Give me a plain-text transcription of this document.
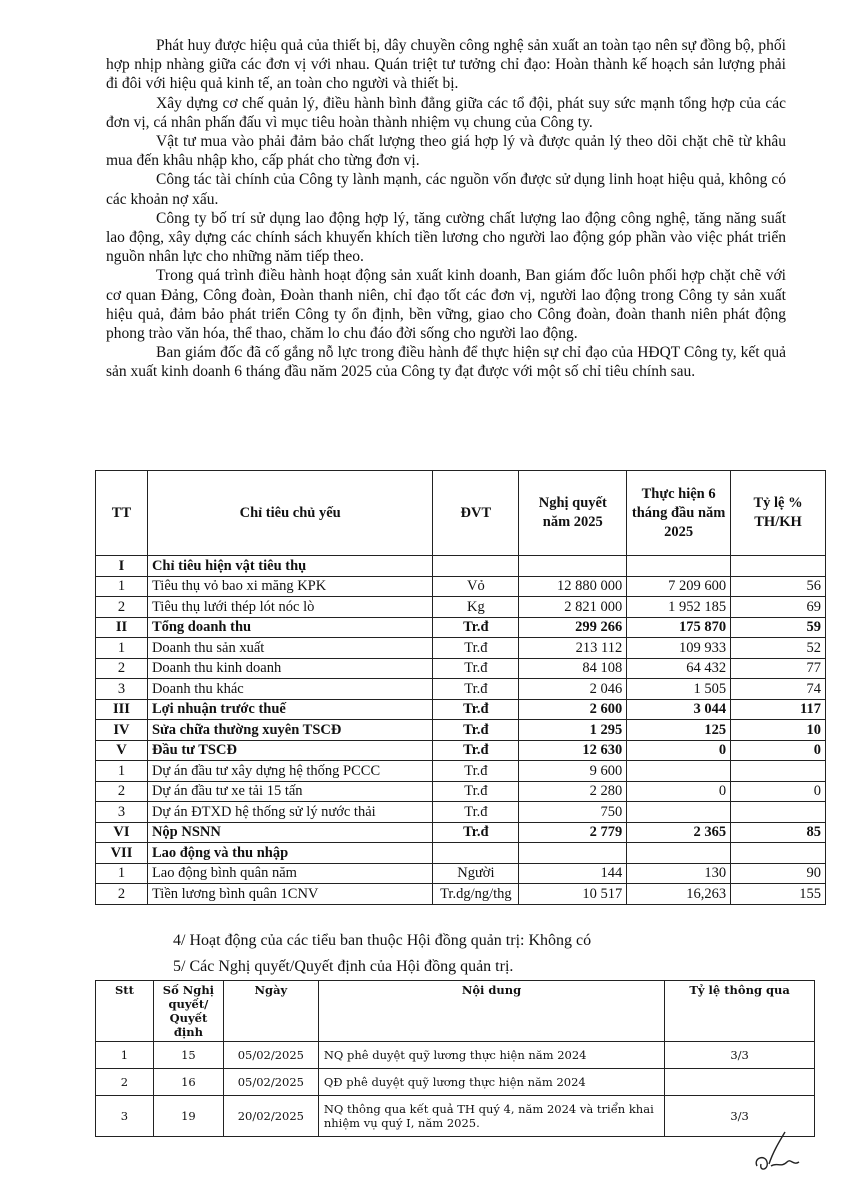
Phát huy được hiệu quả của thiết bị, dây chuyền công nghệ sản xuất an toàn tạo nên sự đồng bộ, phối hợp nhịp nhàng giữa các đơn vị với nhau. Quán triệt tư tưởng chỉ đạo: Hoàn thành kế hoạch sản lượng phải đi đôi với hiệu quả kinh tế, an toàn cho người và thiết bị.

Xây dựng cơ chế quản lý, điều hành bình đẳng giữa các tổ đội, phát suy sức mạnh tổng hợp của các đơn vị, cá nhân phấn đấu vì mục tiêu hoàn thành nhiệm vụ chung của Công ty.

Vật tư mua vào phải đảm bảo chất lượng theo giá hợp lý và được quản lý theo dõi chặt chẽ từ khâu mua đến khâu nhập kho, cấp phát cho từng đơn vị.

Công tác tài chính của Công ty lành mạnh, các nguồn vốn được sử dụng linh hoạt hiệu quả, không có các khoản nợ xấu.

Công ty bố trí sử dụng lao động hợp lý, tăng cường chất lượng lao động công nghệ, tăng năng suất lao động, xây dựng các chính sách khuyến khích tiền lương cho người lao động góp phần vào việc phát triển nguồn nhân lực cho những năm tiếp theo.

Trong quá trình điều hành hoạt động sản xuất kinh doanh, Ban giám đốc luôn phối hợp chặt chẽ với cơ quan Đảng, Công đoàn, Đoàn thanh niên, chỉ đạo tốt các đơn vị, người lao động trong Công ty sản xuất hiệu quả, đảm bảo phát triển Công ty ổn định, bền vững, giao cho Công đoàn, đoàn thanh niên phát động phong trào văn hóa, thể thao, chăm lo chu đáo đời sống cho người lao động.

Ban giám đốc đã cố gắng nỗ lực trong điều hành để thực hiện sự chỉ đạo của HĐQT Công ty, kết quả sản xuất kinh doanh 6 tháng đầu năm 2025 của Công ty đạt được với một số chỉ tiêu chính sau.

TT	Chỉ tiêu chủ yếu	ĐVT	Nghị quyết năm 2025	Thực hiện 6 tháng đầu năm 2025	Tỷ lệ % TH/KH
I	Chỉ tiêu hiện vật tiêu thụ				
1	Tiêu thụ vỏ bao xi măng KPK	Vỏ	12 880 000	7 209 600	56
2	Tiêu thụ lưới thép lót nóc lò	Kg	2 821 000	1 952 185	69
II	Tổng doanh thu	Tr.đ	299 266	175 870	59
1	Doanh thu sản xuất	Tr.đ	213 112	109 933	52
2	Doanh thu kinh doanh	Tr.đ	84 108	64 432	77
3	Doanh thu khác	Tr.đ	2 046	1 505	74
III	Lợi nhuận trước thuế	Tr.đ	2 600	3 044	117
IV	Sửa chữa thường xuyên TSCĐ	Tr.đ	1 295	125	10
V	Đầu tư TSCĐ	Tr.đ	12 630	0	0
1	Dự án đầu tư xây dựng hệ thống PCCC	Tr.đ	9 600		
2	Dự án đầu tư xe tải 15 tấn	Tr.đ	2 280	0	0
3	Dự án ĐTXD hệ thống sử lý nước thải	Tr.đ	750		
VI	Nộp NSNN	Tr.đ	2 779	2 365	85
VII	Lao động và thu nhập				
1	Lao động bình quân năm	Người	144	130	90
2	Tiền lương bình quân 1CNV	Tr.dg/ng/thg	10 517	16,263	155
4/ Hoạt động của các tiểu ban thuộc Hội đồng quản trị: Không có
5/ Các Nghị quyết/Quyết định của Hội đồng quản trị.
Stt	Số Nghị quyết/ Quyết định	Ngày	Nội dung	Tỷ lệ thông qua
1	15	05/02/2025	NQ phê duyệt quỹ lương thực hiện năm 2024	3/3
2	16	05/02/2025	QĐ phê duyệt quỹ lương thực hiện năm 2024	
3	19	20/02/2025	NQ thông qua kết quả TH quý 4, năm 2024 và triển khai nhiệm vụ quý I, năm 2025.	3/3
